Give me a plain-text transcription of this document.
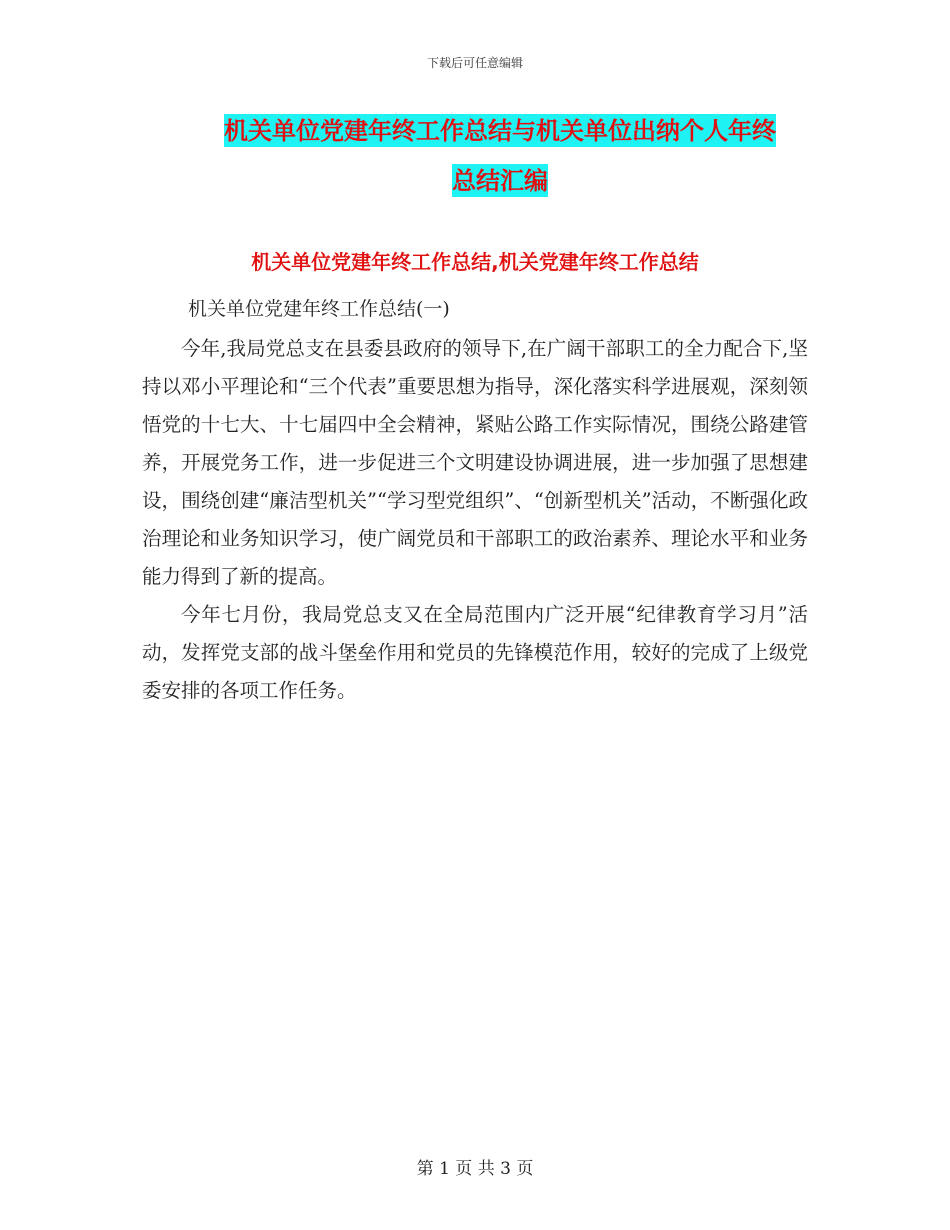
下载后可任意编辑
机关单位党建年终工作总结与机关单位出纳个人年终
总结汇编
机关单位党建年终工作总结,机关党建年终工作总结
机关单位党建年终工作总结(一)

今年,我局党总支在县委县政府的领导下,在广阔干部职工的全力配合下,坚持以邓小平理论和“三个代表”重要思想为指导，深化落实科学进展观，深刻领悟党的十七大、十七届四中全会精神，紧贴公路工作实际情况，围绕公路建管养，开展党务工作，进一步促进三个文明建设协调进展，进一步加强了思想建设，围绕创建“廉洁型机关”“学习型党组织”、“创新型机关”活动，不断强化政治理论和业务知识学习，使广阔党员和干部职工的政治素养、理论水平和业务能力得到了新的提高。

今年七月份，我局党总支又在全局范围内广泛开展“纪律教育学习月”活动，发挥党支部的战斗堡垒作用和党员的先锋模范作用，较好的完成了上级党委安排的各项工作任务。

第 1 页 共 3 页
